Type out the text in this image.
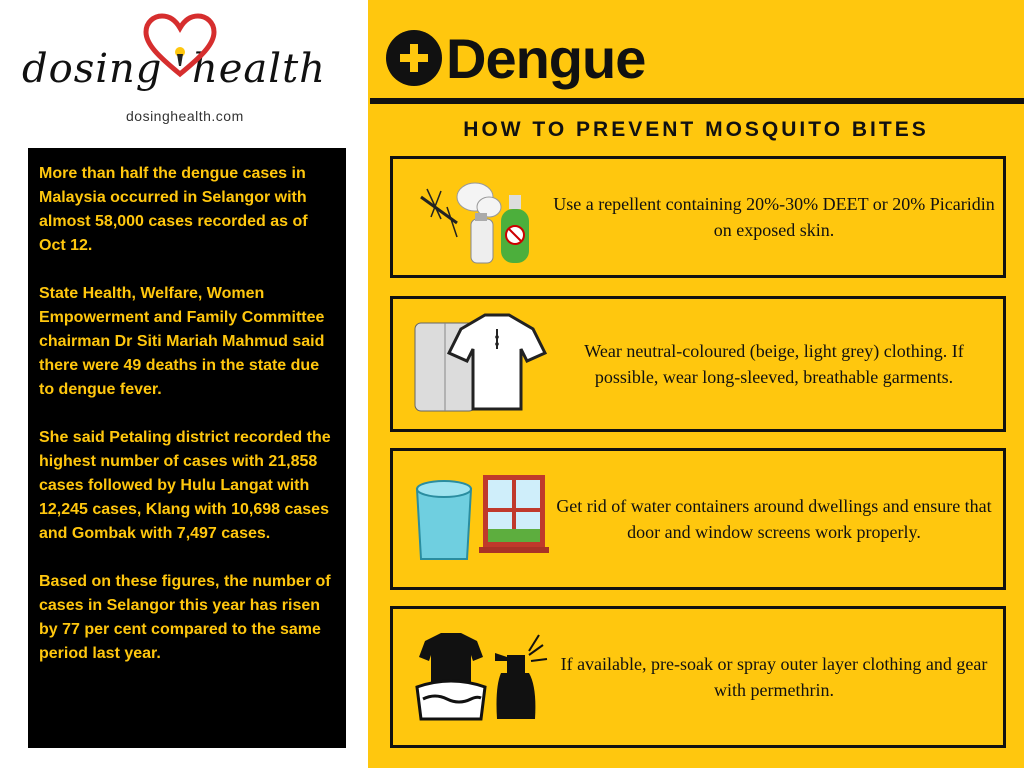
dosing health
dosinghealth.com

More than half the dengue cases in Malaysia occurred in Selangor with almost 58,000 cases recorded as of Oct 12.

State Health, Welfare, Women Empowerment and Family Committee chairman Dr Siti Mariah Mahmud said there were 49 deaths in the state due to dengue fever.

She said Petaling district recorded the highest number of cases with 21,858 cases followed by Hulu Langat with 12,245 cases, Klang with 10,698 cases and Gombak with 7,497 cases.

Based on these figures, the number of cases in Selangor this year has risen by 77 per cent compared to the same period last year.

Dengue
HOW TO PREVENT MOSQUITO BITES
Use a repellent containing 20%-30% DEET or 20% Picaridin on exposed skin.
Wear neutral-coloured (beige, light grey) clothing. If possible, wear long-sleeved, breathable garments.
Get rid of water containers around dwellings and ensure that door and window screens work properly.
If available, pre-soak or spray outer layer clothing and gear with permethrin.
